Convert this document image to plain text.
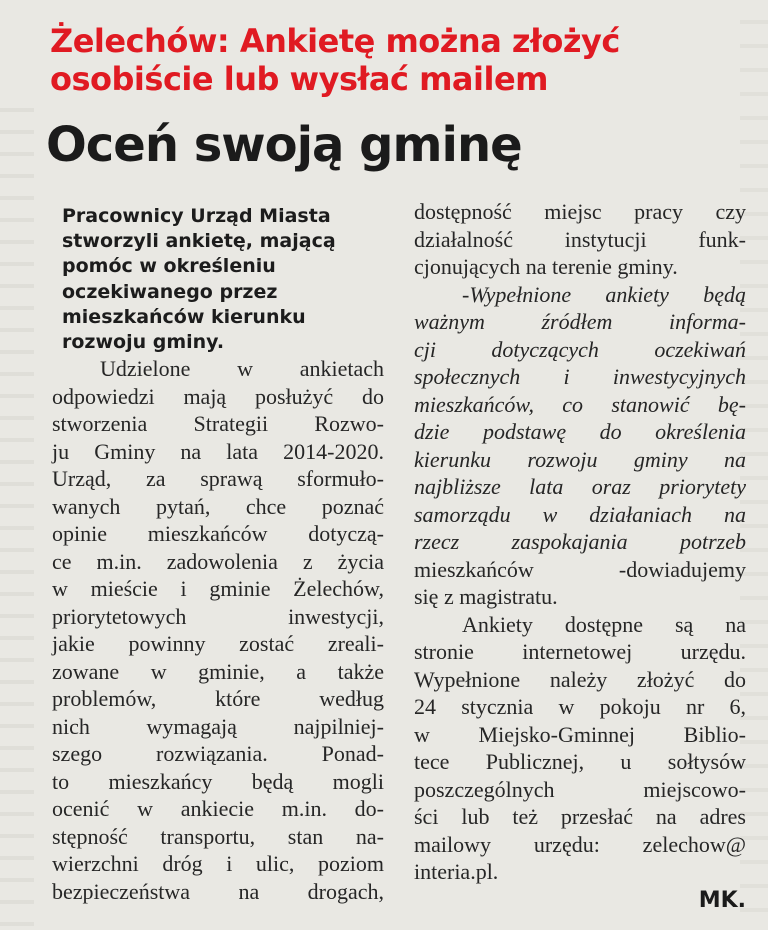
Żelechów: Ankietę można złożyć
osobiście lub wysłać mailem
Oceń swoją gminę

Pracownicy Urząd Miasta
stworzyli ankietę, mającą
pomóc w określeniu
oczekiwanego przez
mieszkańców kierunku
rozwoju gminy.

Udzielone w ankietach
odpowiedzi mają posłużyć do
stworzenia Strategii Rozwo-
ju Gminy na lata 2014-2020.
Urząd, za sprawą sformuło-
wanych pytań, chce poznać
opinie mieszkańców dotyczą-
ce m.in. zadowolenia z życia
w mieście i gminie Żelechów,
priorytetowych inwestycji,
jakie powinny zostać zreali-
zowane w gminie, a także
problemów, które według
nich wymagają najpilniej-
szego rozwiązania. Ponad-
to mieszkańcy będą mogli
ocenić w ankiecie m.in. do-
stępność transportu, stan na-
wierzchni dróg i ulic, poziom
bezpieczeństwa na drogach,

dostępność miejsc pracy czy
działalność instytucji funk-
cjonujących na terenie gminy.

-Wypełnione ankiety będą
ważnym źródłem informa-
cji dotyczących oczekiwań
społecznych i inwestycyjnych
mieszkańców, co stanowić bę-
dzie podstawę do określenia
kierunku rozwoju gminy na
najbliższe lata oraz priorytety
samorządu w działaniach na
rzecz zaspokajania potrzeb
mieszkańców -dowiadujemy
się z magistratu.

Ankiety dostępne są na
stronie internetowej urzędu.
Wypełnione należy złożyć do
24 stycznia w pokoju nr 6,
w Miejsko-Gminnej Biblio-
tece Publicznej, u sołtysów
poszczególnych miejscowo-
ści lub też przesłać na adres
mailowy urzędu: zelechow@
interia.pl.

MK.
